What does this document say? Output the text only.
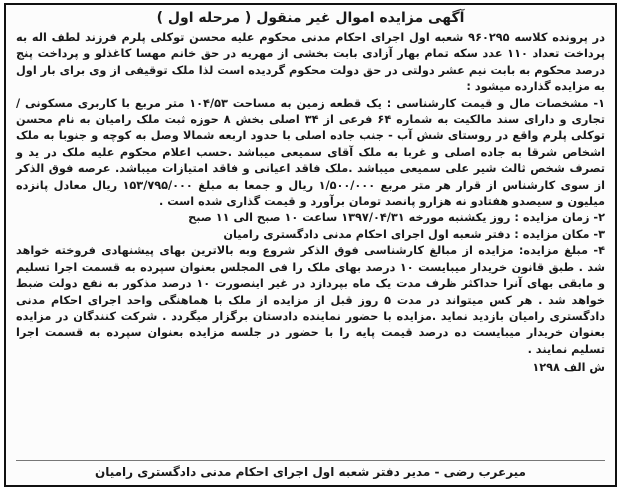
آگهی مزایده اموال غیر منقول ( مرحله اول )

در پرونده کلاسه ۹۶۰۲۹۵ شعبه اول اجرای احکام مدنی محکوم علیه محسن توکلی پلرم فرزند لطف اله به پرداخت تعداد ۱۱۰ عدد سکه تمام بهار آزادی بابت بخشی از مهریه در حق خانم مهسا کاغذلو و پرداخت پنج درصد محکوم به بابت نیم عشر دولتی در حق دولت محکوم گردیده است لذا ملک توقیفی از وی برای بار اول به مزایده گذارده میشود :

۱- مشخصات مال و قیمت کارشناسی : یک قطعه زمین به مساحت ۱۰۴/۵۳ متر مربع با کاربری مسکونی / تجاری و دارای سند مالکیت به شماره ۶۴ فرعی از ۳۴ اصلی بخش ۸ حوزه ثبت ملک رامیان به نام محسن توکلی پلرم واقع در روستای شش آب - جنب جاده اصلی با حدود اربعه شمالا وصل به کوچه و جنوبا به ملک اشخاص شرقا به جاده اصلی و غربا به ملک آقای سمیعی میباشد .حسب اعلام محکوم علیه ملک در ید و تصرف شخص ثالث شیر علی سمیعی میباشد .ملک فاقد اعیانی و فاقد امتیازات میباشد. عرصه فوق الذکر از سوی کارشناس از قرار هر متر مربع ۱/۵۰۰/۰۰۰ ریال و جمعا به مبلغ ۱۵۳/۷۹۵/۰۰۰ ریال معادل پانزده میلیون و سیصدو هفتادو نه هزارو پانصد تومان برآورد و قیمت گذاری شده است .

۲- زمان مزایده : روز یکشنبه مورخه ۱۳۹۷/۰۴/۳۱ ساعت ۱۰ صبح الی ۱۱ صبح

۳- مکان مزایده : دفتر شعبه اول اجرای احکام مدنی دادگستری رامیان

۴- مبلغ مزایده: مزایده از مبالغ کارشناسی فوق الذکر شروع وبه بالاترین بهای پیشنهادی فروخته خواهد شد . طبق قانون خریدار میبایست ۱۰ درصد بهای ملک را فی المجلس بعنوان سپرده به قسمت اجرا تسلیم و مابقی بهای آنرا حداکثر ظرف مدت یک ماه بپردازد در غیر اینصورت ۱۰ درصد مذکور به نفع دولت ضبط خواهد شد . هر کس میتواند در مدت ۵ روز قبل از مزایده از ملک با هماهنگی واحد اجرای احکام مدنی دادگستری رامیان بازدید نماید .مزایده با حضور نماینده دادستان برگزار میگردد . شرکت کنندگان در مزایده بعنوان خریدار میبایست ده درصد قیمت پایه را با حضور در جلسه مزایده بعنوان سپرده به قسمت اجرا تسلیم نمایند .

ش الف ۱۲۹۸
میرعرب رضی - مدیر دفتر شعبه اول اجرای احکام مدنی دادگستری رامیان
